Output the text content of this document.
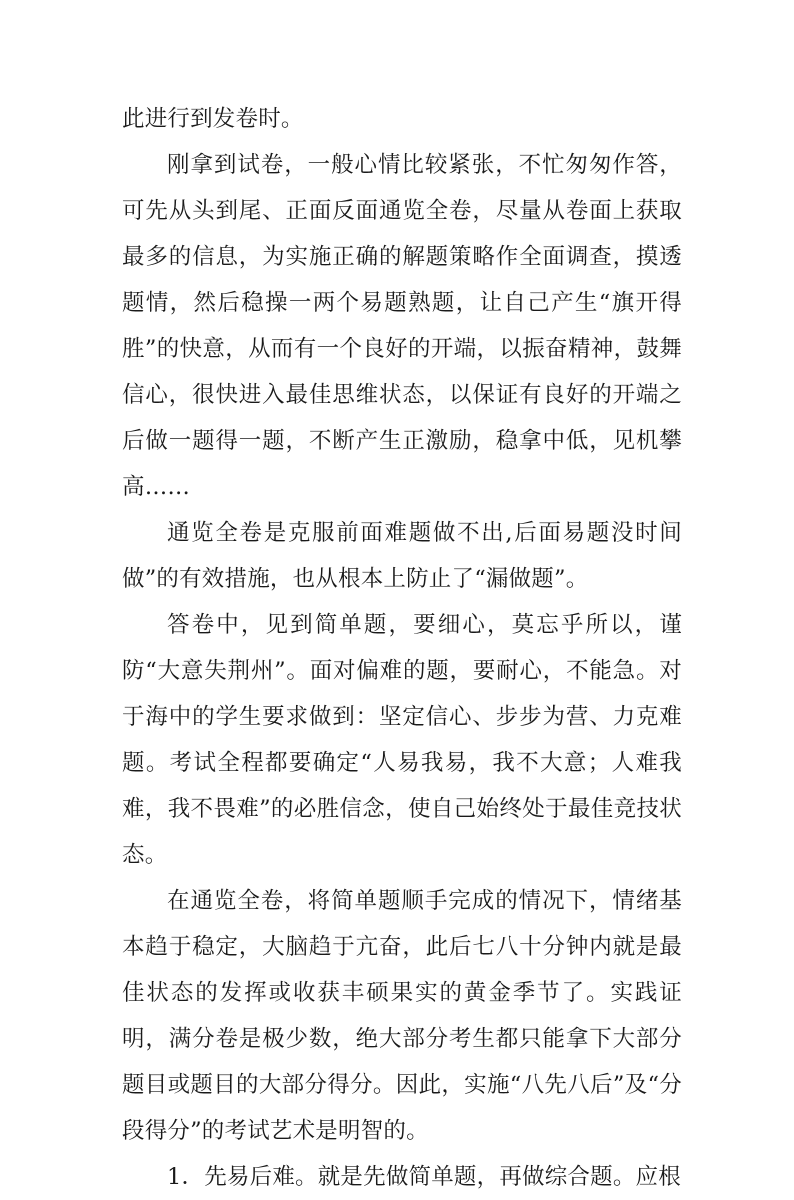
此进行到发卷时。

刚拿到试卷，一般心情比较紧张，不忙匆匆作答，可先从头到尾、正面反面通览全卷，尽量从卷面上获取最多的信息，为实施正确的解题策略作全面调查，摸透题情，然后稳操一两个易题熟题，让自己产生“旗开得胜”的快意，从而有一个良好的开端，以振奋精神，鼓舞信心，很快进入最佳思维状态，以保证有良好的开端之后做一题得一题，不断产生正激励，稳拿中低，见机攀高……

通览全卷是克服前面难题做不出,后面易题没时间做”的有效措施，也从根本上防止了“漏做题”。

答卷中，见到简单题，要细心，莫忘乎所以，谨防“大意失荆州”。面对偏难的题，要耐心，不能急。对于海中的学生要求做到：坚定信心、步步为营、力克难题。考试全程都要确定“人易我易，我不大意；人难我难，我不畏难”的必胜信念，使自己始终处于最佳竞技状态。

在通览全卷，将简单题顺手完成的情况下，情绪基本趋于稳定，大脑趋于亢奋，此后七八十分钟内就是最佳状态的发挥或收获丰硕果实的黄金季节了。实践证明，满分卷是极少数，绝大部分考生都只能拿下大部分题目或题目的大部分得分。因此，实施“八先八后”及“分段得分”的考试艺术是明智的。

1．先易后难。就是先做简单题，再做综合题。应根
